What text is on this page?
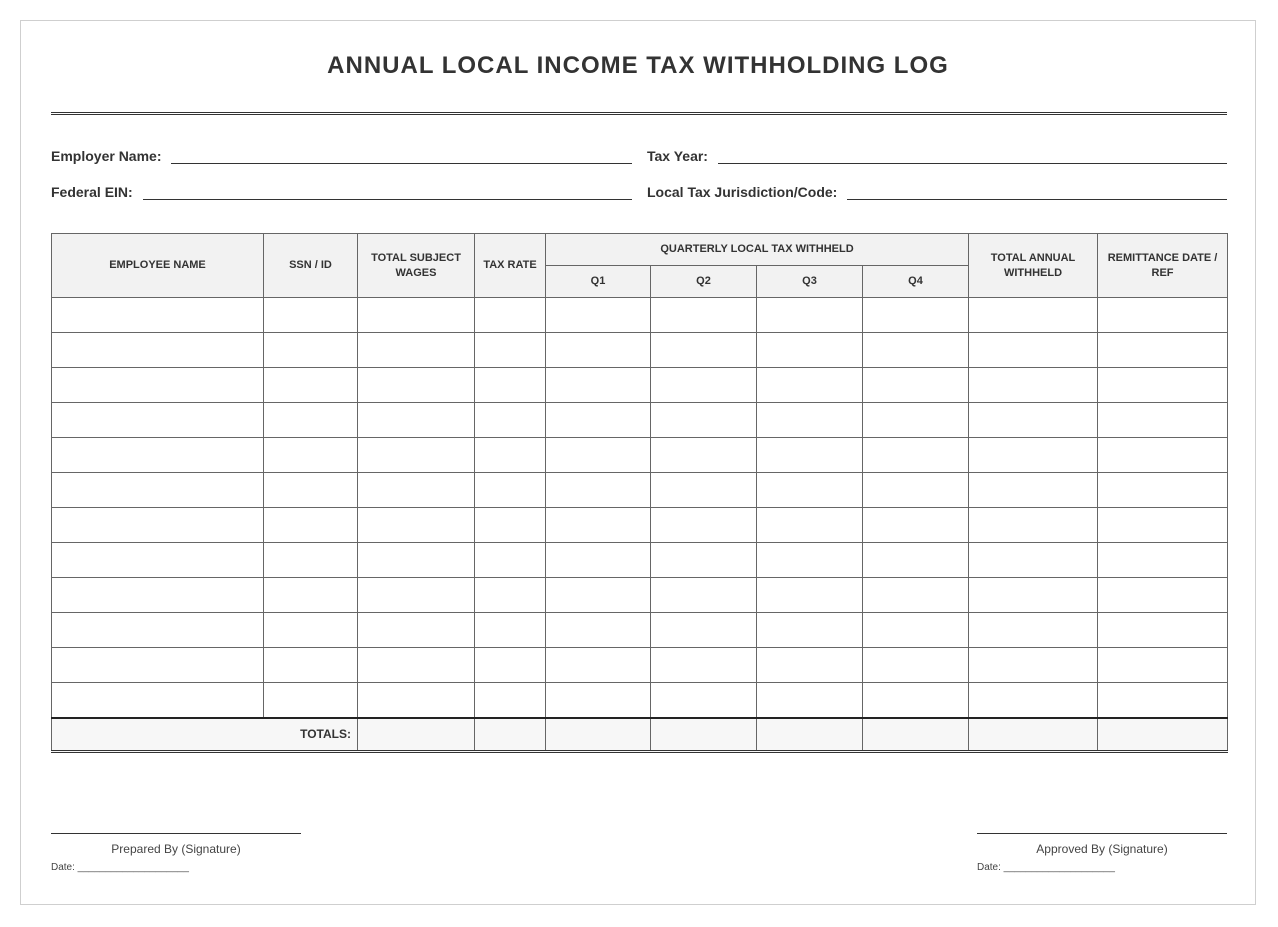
ANNUAL LOCAL INCOME TAX WITHHOLDING LOG
Employer Name:	Tax Year:
Federal EIN:	Local Tax Jurisdiction/Code:
EMPLOYEE NAME	SSN / ID	TOTAL SUBJECT WAGES	TAX RATE	QUARTERLY LOCAL TAX WITHHELD				TOTAL ANNUAL WITHHELD	REMITTANCE DATE / REF
				Q1	Q2	Q3	Q4		

TOTALS:									
Prepared By (Signature)
Date: ____________________
Approved By (Signature)
Date: ____________________
